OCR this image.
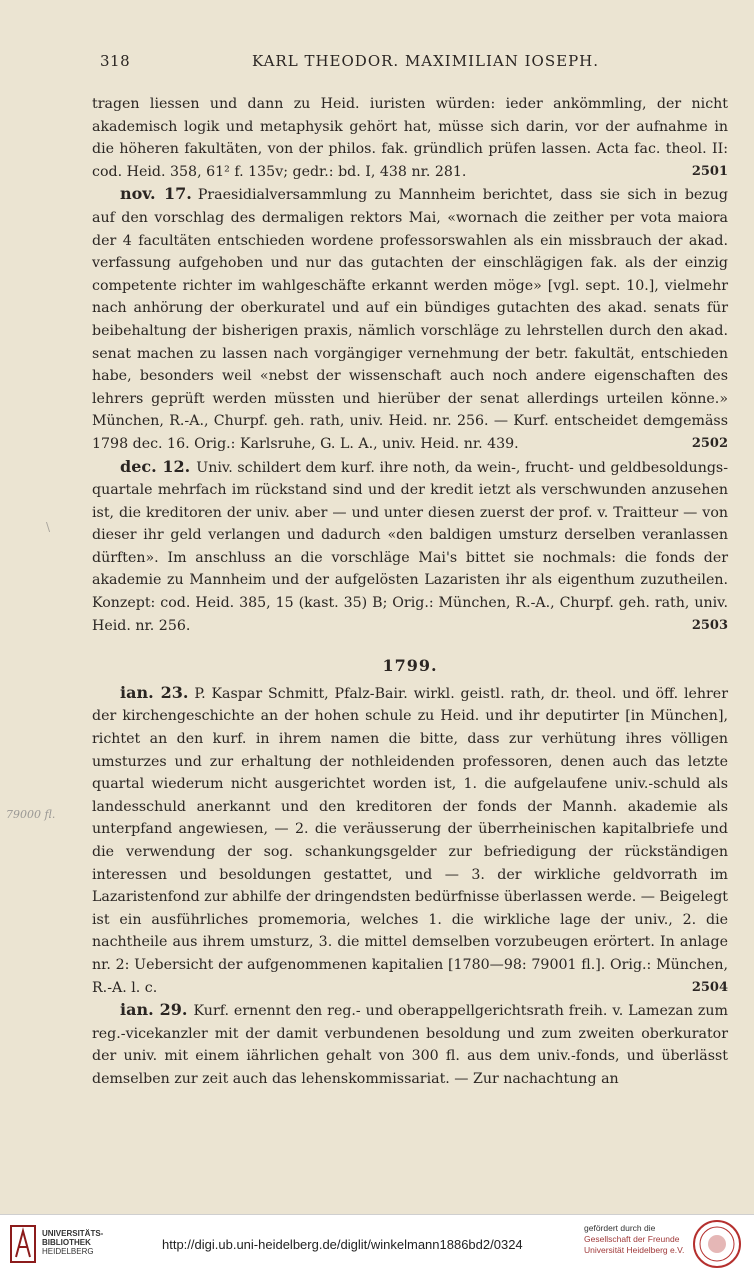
318	KARL THEODOR. MAXIMILIAN IOSEPH.
\
79000 fl.

tragen liessen und dann zu Heid. iuristen würden: ieder ankömmling, der nicht akademisch logik und metaphysik gehört hat, müsse sich darin, vor der aufnahme in die höheren fakultäten, von der philos. fak. gründlich prüfen lassen. Acta fac. theol. II: cod. Heid. 358, 61² f. 135v; gedr.: bd. I, 438 nr. 281.	2501

nov. 17. Praesidialversammlung zu Mannheim berichtet, dass sie sich in bezug auf den vorschlag des dermaligen rektors Mai, «wornach die zeither per vota maiora der 4 facultäten entschieden wordene professorswahlen als ein missbrauch der akad. verfassung aufgehoben und nur das gutachten der einschlägigen fak. als der einzig competente richter im wahlgeschäfte erkannt werden möge» [vgl. sept. 10.], vielmehr nach anhörung der oberkuratel und auf ein bündiges gutachten des akad. senats für beibehaltung der bisherigen praxis, nämlich vorschläge zu lehrstellen durch den akad. senat machen zu lassen nach vorgängiger vernehmung der betr. fakultät, entschieden habe, besonders weil «nebst der wissenschaft auch noch andere eigenschaften des lehrers geprüft werden müssten und hierüber der senat allerdings urteilen könne.» München, R.-A., Churpf. geh. rath, univ. Heid. nr. 256. — Kurf. entscheidet demgemäss 1798 dec. 16. Orig.: Karlsruhe, G. L. A., univ. Heid. nr. 439.	2502

dec. 12. Univ. schildert dem kurf. ihre noth, da wein-, frucht- und geldbesoldungs-quartale mehrfach im rückstand sind und der kredit ietzt als verschwunden anzusehen ist, die kreditoren der univ. aber — und unter diesen zuerst der prof. v. Traitteur — von dieser ihr geld verlangen und dadurch «den baldigen umsturz derselben veranlassen dürften». Im anschluss an die vorschläge Mai's bittet sie nochmals: die fonds der akademie zu Mannheim und der aufgelösten Lazaristen ihr als eigenthum zuzutheilen. Konzept: cod. Heid. 385, 15 (kast. 35) B; Orig.: München, R.-A., Churpf. geh. rath, univ. Heid. nr. 256.	2503

1799.

ian. 23. P. Kaspar Schmitt, Pfalz-Bair. wirkl. geistl. rath, dr. theol. und öff. lehrer der kirchengeschichte an der hohen schule zu Heid. und ihr deputirter [in München], richtet an den kurf. in ihrem namen die bitte, dass zur verhütung ihres völligen umsturzes und zur erhaltung der nothleidenden professoren, denen auch das letzte quartal wiederum nicht ausgerichtet worden ist, 1. die aufgelaufene univ.-schuld als landesschuld anerkannt und den kreditoren der fonds der Mannh. akademie als unterpfand angewiesen, — 2. die veräusserung der überrheinischen kapitalbriefe und die verwendung der sog. schankungsgelder zur befriedigung der rückständigen interessen und besoldungen gestattet, und — 3. der wirkliche geldvorrath im Lazaristenfond zur abhilfe der dringendsten bedürfnisse überlassen werde. — Beigelegt ist ein ausführliches promemoria, welches 1. die wirkliche lage der univ., 2. die nachtheile aus ihrem umsturz, 3. die mittel demselben vorzubeugen erörtert. In anlage nr. 2: Uebersicht der aufgenommenen kapitalien [1780—98: 79001 fl.]. Orig.: München, R.-A. l. c.	2504

ian. 29. Kurf. ernennt den reg.- und oberappellgerichtsrath freih. v. Lamezan zum reg.-vicekanzler mit der damit verbundenen besoldung und zum zweiten oberkurator der univ. mit einem iährlichen gehalt von 300 fl. aus dem univ.-fonds, und überlässt demselben zur zeit auch das lehenskommissariat. — Zur nachachtung an

UNIVERSITÄTS-
BIBLIOTHEK
HEIDELBERG	http://digi.ub.uni-heidelberg.de/diglit/winkelmann1886bd2/0324
gefördert durch die
Gesellschaft der Freunde
Universität Heidelberg e.V.
